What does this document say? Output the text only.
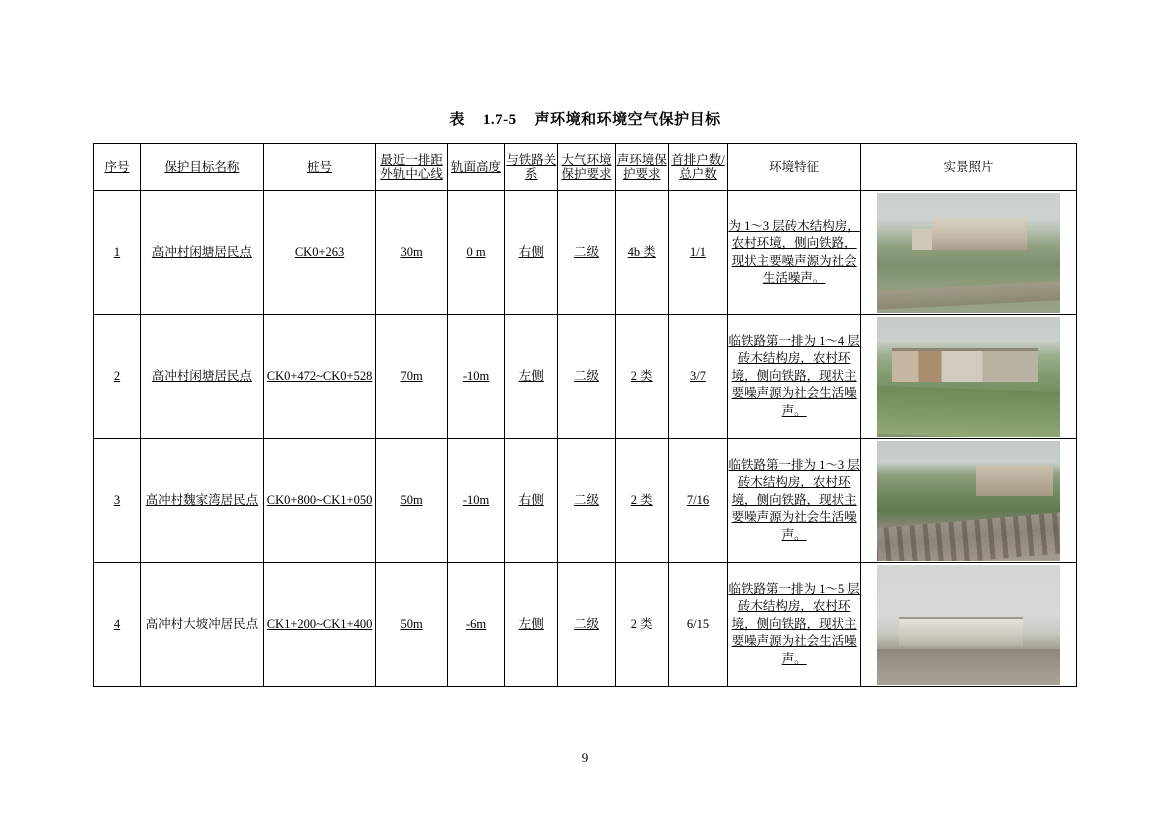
表 1.7-5 声环境和环境空气保护目标
序号	保护目标名称	桩号	最近一排距外轨中心线	轨面高度	与铁路关系	大气环境保护要求	声环境保护要求	首排户数/总户数	环境特征	实景照片
1	高冲村闲塘居民点	CK0+263	30m	0 m	右侧	二级	4b 类	1/1	为 1～3 层砖木结构房，农村环境，侧向铁路，现状主要噪声源为社会生活噪声。	

2	高冲村闲塘居民点	CK0+472~CK0+528	70m	-10m	左侧	二级	2 类	3/7	临铁路第一排为 1～4 层砖木结构房，农村环境，侧向铁路，现状主要噪声源为社会生活噪声。	

3	高冲村魏家湾居民点	CK0+800~CK1+050	50m	-10m	右侧	二级	2 类	7/16	临铁路第一排为 1～3 层砖木结构房，农村环境，侧向铁路，现状主要噪声源为社会生活噪声。	

4	高冲村大坡冲居民点	CK1+200~CK1+400	50m	-6m	左侧	二级	2 类	6/15	临铁路第一排为 1～5 层砖木结构房，农村环境，侧向铁路，现状主要噪声源为社会生活噪声。	
9
